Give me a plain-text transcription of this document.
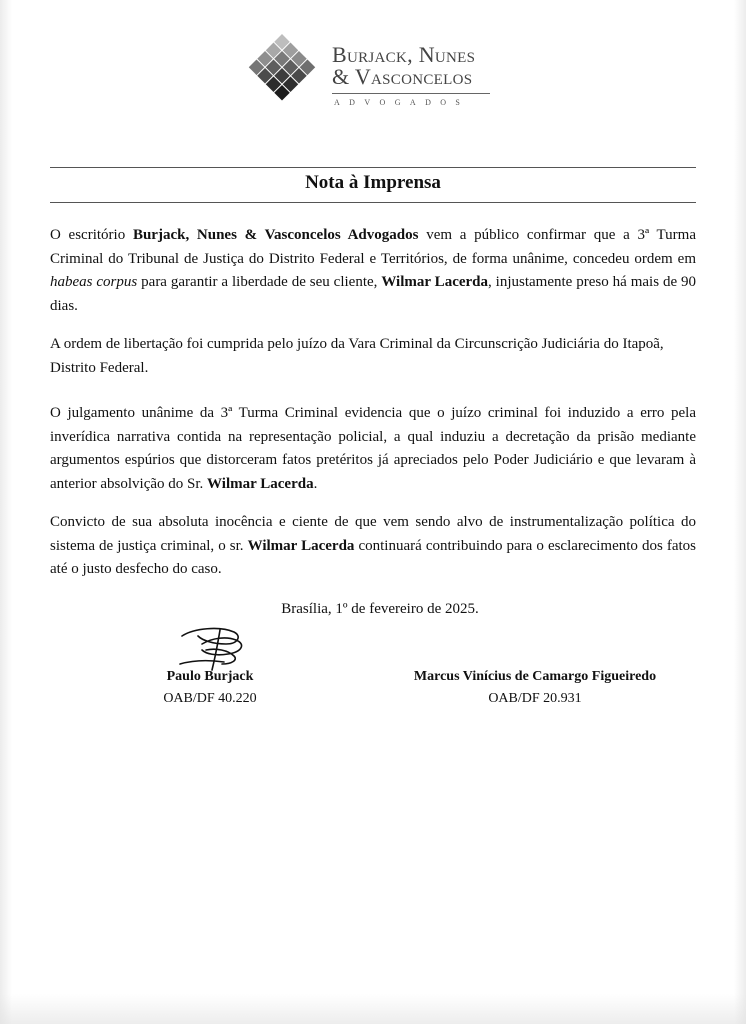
Burjack, Nunes
& Vasconcelos
ADVOGADOS
Nota à Imprensa
O escritório Burjack, Nunes & Vasconcelos Advogados vem a público confirmar que a 3ª Turma Criminal do Tribunal de Justiça do Distrito Federal e Territórios, de forma unânime, concedeu ordem em habeas corpus para garantir a liberdade de seu cliente, Wilmar Lacerda, injustamente preso há mais de 90 dias.
A ordem de libertação foi cumprida pelo juízo da Vara Criminal da Circunscrição Judiciária do Itapoã, Distrito Federal.
O julgamento unânime da 3ª Turma Criminal evidencia que o juízo criminal foi induzido a erro pela inverídica narrativa contida na representação policial, a qual induziu a decretação da prisão mediante argumentos espúrios que distorceram fatos pretéritos já apreciados pelo Poder Judiciário e que levaram à anterior absolvição do Sr. Wilmar Lacerda.
Convicto de sua absoluta inocência e ciente de que vem sendo alvo de instrumentalização política do sistema de justiça criminal, o sr. Wilmar Lacerda continuará contribuindo para o esclarecimento dos fatos até o justo desfecho do caso.
Brasília, 1º de fevereiro de 2025.
Paulo Burjack
OAB/DF 40.220
Marcus Vinícius de Camargo Figueiredo
OAB/DF 20.931
